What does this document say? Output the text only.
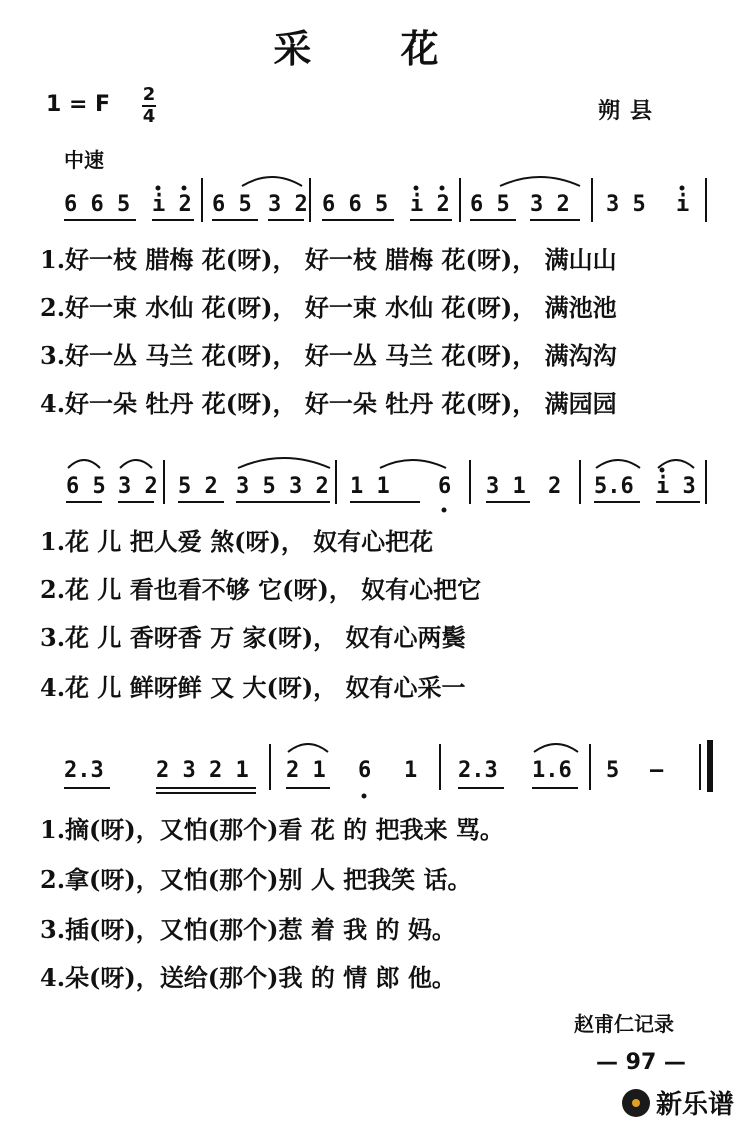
采 花
1 = F 2
4	朔县
中速
6 6 5 i 2 6 5 3 2 6 6 5 i 2 6 5 3 2 3 5 i
1.好一枝 腊梅 花(呀)， 好一枝 腊梅 花(呀)， 满山山
2.好一束 水仙 花(呀)， 好一束 水仙 花(呀)， 满池池
3.好一丛 马兰 花(呀)， 好一丛 马兰 花(呀)， 满沟沟
4.好一朵 牡丹 花(呀)， 好一朵 牡丹 花(呀)， 满园园
6 5 3 2 5 2 3 5 3 2 1 1 6 3 1 2 5.6 i 3
1.花 儿 把人爱 煞(呀)， 奴有心把花
2.花 儿 看也看不够 它(呀)， 奴有心把它
3.花 儿 香呀香 万 家(呀)， 奴有心两鬓
4.花 儿 鲜呀鲜 又 大(呀)， 奴有心采一
2.3 2 3 2 1 2 1 6 1 2.3 1.6 5 —
1.摘(呀)，又怕(那个)看 花 的 把我来 骂。
2.拿(呀)，又怕(那个)别 人 把我笑 话。
3.插(呀)，又怕(那个)惹 着 我 的 妈。
4.朵(呀)，送给(那个)我 的 情 郎 他。
赵甫仁记录
— 97 —
新乐谱
